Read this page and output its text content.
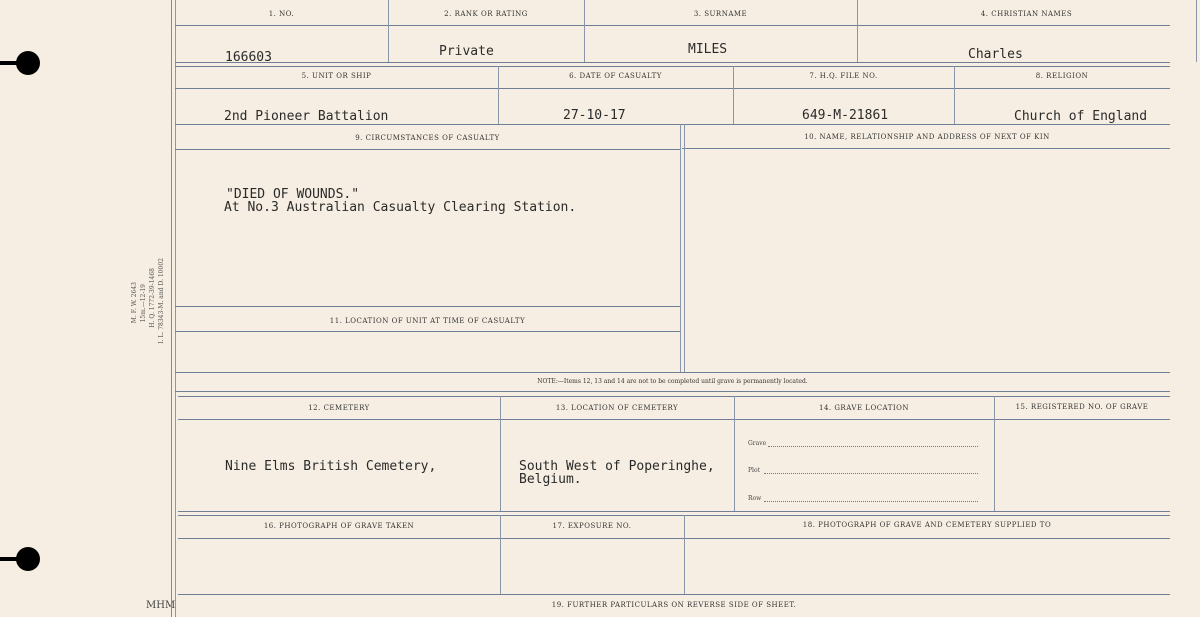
M. F. W. 2643 15m.—12-19 H. Q. 1772-39-1468 I. L. 78343-M. and D. 10002
MHM
1. NO.	2. RANK OR RATING	3. SURNAME	4. CHRISTIAN NAMES
166603	Private	MILES	Charles
5. UNIT OR SHIP	6. DATE OF CASUALTY	7. H.Q. FILE NO.	8. RELIGION
2nd Pioneer Battalion	27-10-17	649-M-21861	Church of England
9. CIRCUMSTANCES OF CASUALTY	10. NAME, RELATIONSHIP AND ADDRESS OF NEXT OF KIN
"DIED OF WOUNDS."
At No.3 Australian Casualty Clearing Station.
11. LOCATION OF UNIT AT TIME OF CASUALTY
NOTE:—Items 12, 13 and 14 are not to be completed until grave is permanently located.
12. CEMETERY	13. LOCATION OF CEMETERY	14. GRAVE LOCATION	15. REGISTERED NO. OF GRAVE
Nine Elms British Cemetery,	South West of Poperinghe,
Belgium.
Grave
Plot
Row
16. PHOTOGRAPH OF GRAVE TAKEN	17. EXPOSURE NO.	18. PHOTOGRAPH OF GRAVE AND CEMETERY SUPPLIED TO
19. FURTHER PARTICULARS ON REVERSE SIDE OF SHEET.
